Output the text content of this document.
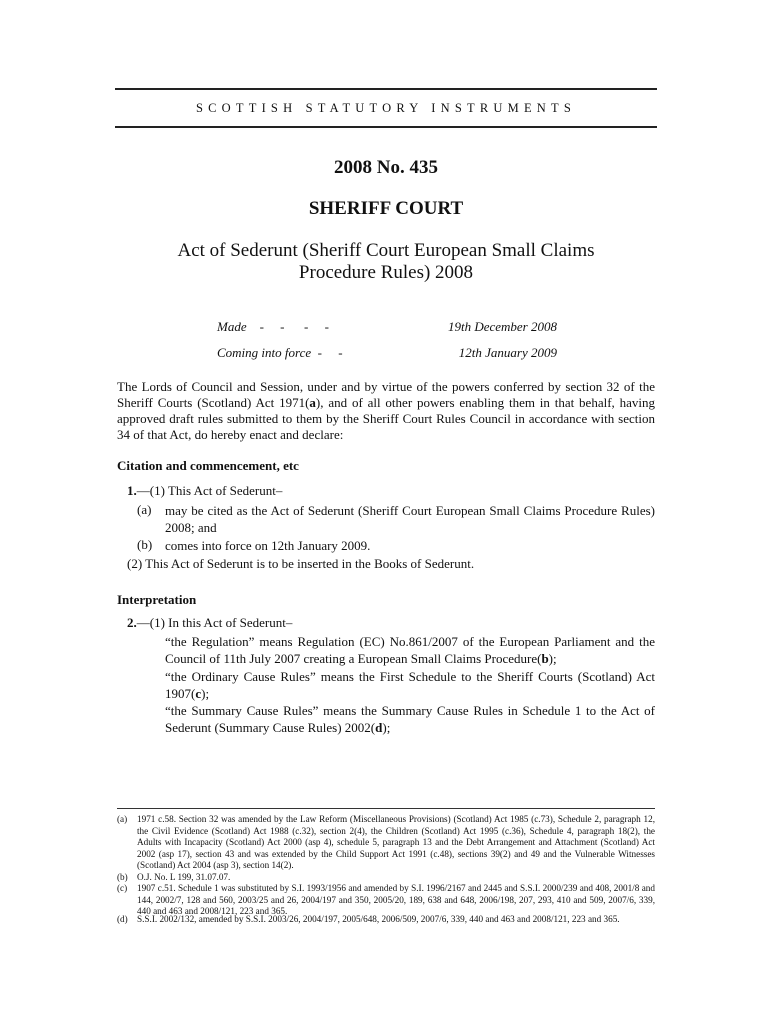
SCOTTISH STATUTORY INSTRUMENTS
2008 No. 435
SHERIFF COURT
Act of Sederunt (Sheriff Court European Small Claims
Procedure Rules) 2008
Made    -     -      -     -	19th December 2008
Coming into force  -     -	12th January 2009
The Lords of Council and Session, under and by virtue of the powers conferred by section 32 of the Sheriff Courts (Scotland) Act 1971(a), and of all other powers enabling them in that behalf, having approved draft rules submitted to them by the Sheriff Court Rules Council in accordance with section 34 of that Act, do hereby enact and declare:
Citation and commencement, etc
1.—(1) This Act of Sederunt–
(a) may be cited as the Act of Sederunt (Sheriff Court European Small Claims Procedure Rules) 2008; and
(b) comes into force on 12th January 2009.
(2) This Act of Sederunt is to be inserted in the Books of Sederunt.
Interpretation
2.—(1) In this Act of Sederunt–
“the Regulation” means Regulation (EC) No.861/2007 of the European Parliament and the Council of 11th July 2007 creating a European Small Claims Procedure(b);
“the Ordinary Cause Rules” means the First Schedule to the Sheriff Courts (Scotland) Act 1907(c);
“the Summary Cause Rules” means the Summary Cause Rules in Schedule 1 to the Act of Sederunt (Summary Cause Rules) 2002(d);
(a) 1971 c.58. Section 32 was amended by the Law Reform (Miscellaneous Provisions) (Scotland) Act 1985 (c.73), Schedule 2, paragraph 12, the Civil Evidence (Scotland) Act 1988 (c.32), section 2(4), the Children (Scotland) Act 1995 (c.36), Schedule 4, paragraph 18(2), the Adults with Incapacity (Scotland) Act 2000 (asp 4), schedule 5, paragraph 13 and the Debt Arrangement and Attachment (Scotland) Act 2002 (asp 17), section 43 and was extended by the Child Support Act 1991 (c.48), sections 39(2) and 49 and the Vulnerable Witnesses (Scotland) Act 2004 (asp 3), section 14(2).
(b) O.J. No. L 199, 31.07.07.
(c) 1907 c.51. Schedule 1 was substituted by S.I. 1993/1956 and amended by S.I. 1996/2167 and 2445 and S.S.I. 2000/239 and 408, 2001/8 and 144, 2002/7, 128 and 560, 2003/25 and 26, 2004/197 and 350, 2005/20, 189, 638 and 648, 2006/198, 207, 293, 410 and 509, 2007/6, 339, 440 and 463 and 2008/121, 223 and 365.
(d) S.S.I. 2002/132, amended by S.S.I. 2003/26, 2004/197, 2005/648, 2006/509, 2007/6, 339, 440 and 463 and 2008/121, 223 and 365.
